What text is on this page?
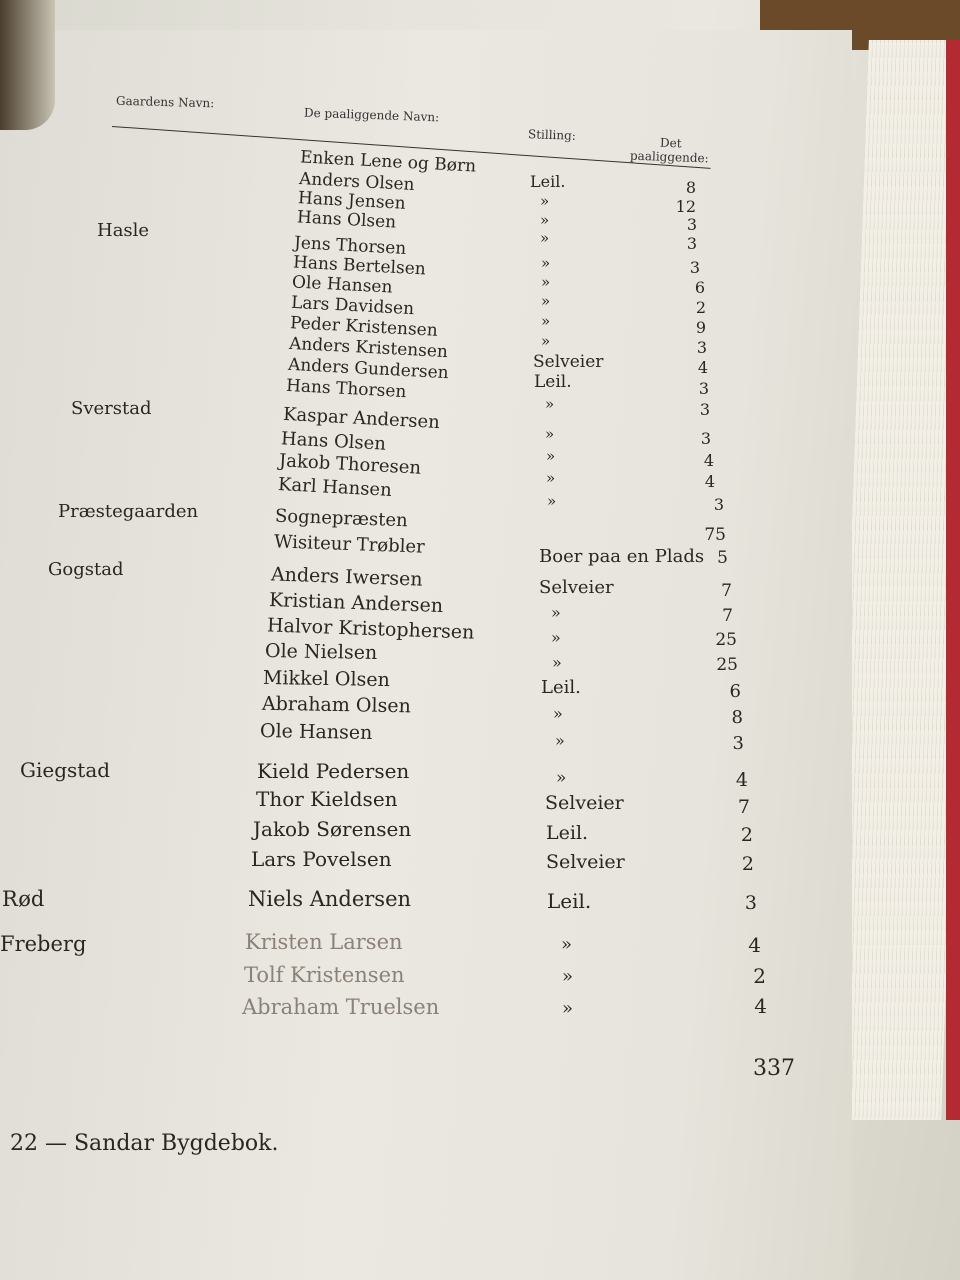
Gaardens Navn:
De paaliggende Navn:
Stilling:
Det
paaliggende:
Hasle
Sverstad
Præstegaarden
Gogstad
Giegstad
Rød
Freberg
Enken Lene og Børn
Anders Olsen
Hans Jensen
Hans Olsen
Jens Thorsen
Hans Bertelsen
Ole Hansen
Lars Davidsen
Peder Kristensen
Anders Kristensen
Anders Gundersen
Hans Thorsen
Kaspar Andersen
Hans Olsen
Jakob Thoresen
Karl Hansen
Sognepræsten
Wisiteur Trøbler
Anders Iwersen
Kristian Andersen
Halvor Kristophersen
Ole Nielsen
Mikkel Olsen
Abraham Olsen
Ole Hansen
Kield Pedersen
Thor Kieldsen
Jakob Sørensen
Lars Povelsen
Niels Andersen
Kristen Larsen
Tolf Kristensen
Abraham Truelsen
Leil.
»
»
»
»
»
»
»
»
Selveier
Leil.
»
»
»
»
»
Boer paa en Plads
Selveier
»
»
»
Leil.
»
»
»
Selveier
Leil.
Selveier
Leil.
»
»
»
8
12
3
3
3
6
2
9
3
4
3
3
3
4
4
3
75
5
7
7
25
25
6
8
3
4
7
2
2
3
4
2
4
337
22 — Sandar Bygdebok.
